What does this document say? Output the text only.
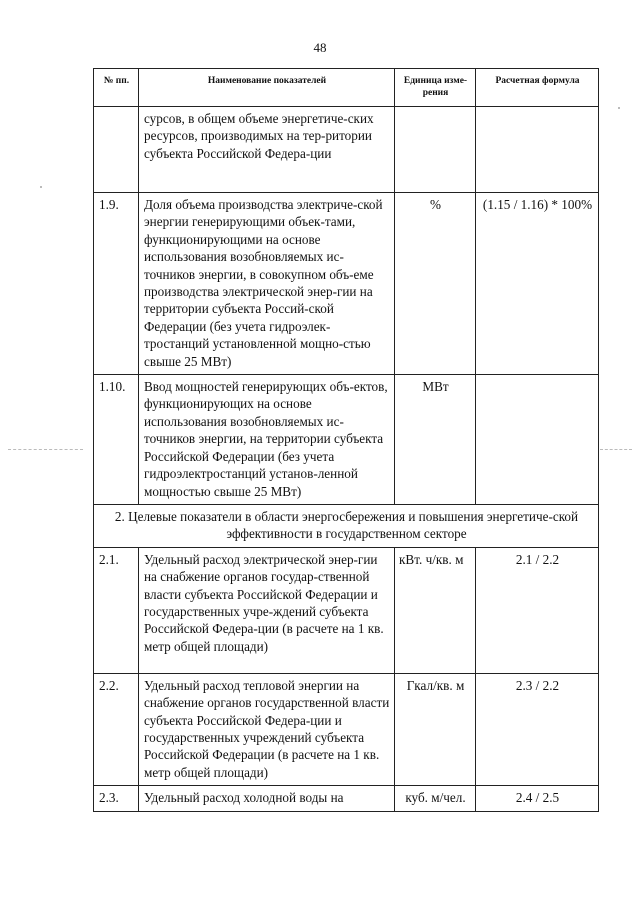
48
№ пп.	Наименование показателей	Единица изме-рения	Расчетная формула
	сурсов, в общем объеме энергетиче-ских ресурсов, производимых на тер-ритории субъекта Российской Федера-ции		
1.9.	Доля объема производства электриче-ской энергии генерирующими объек-тами, функционирующими на основе использования возобновляемых ис-точников энергии, в совокупном объ-еме производства электрической энер-гии на территории субъекта Россий-ской Федерации (без учета гидроэлек-тростанций установленной мощно-стью свыше 25 МВт)	%	(1.15 / 1.16) * 100%
1.10.	Ввод мощностей генерирующих объ-ектов, функционирующих на основе использования возобновляемых ис-точников энергии, на территории субъекта Российской Федерации (без учета гидроэлектростанций установ-ленной мощностью свыше 25 МВт)	МВт	
2. Целевые показатели в области энергосбережения и повышения энергетиче-ской эффективности в государственном секторе			
2.1.	Удельный расход электрической энер-гии на снабжение органов государ-ственной власти субъекта Российской Федерации и государственных учре-ждений субъекта Российской Федера-ции (в расчете на 1 кв. метр общей площади)	кВт. ч/кв. м	2.1 / 2.2
2.2.	Удельный расход тепловой энергии на снабжение органов государственной власти субъекта Российской Федера-ции и государственных учреждений субъекта Российской Федерации (в расчете на 1 кв. метр общей площади)	Гкал/кв. м	2.3 / 2.2
2.3.	Удельный расход холодной воды на	куб. м/чел.	2.4 / 2.5
